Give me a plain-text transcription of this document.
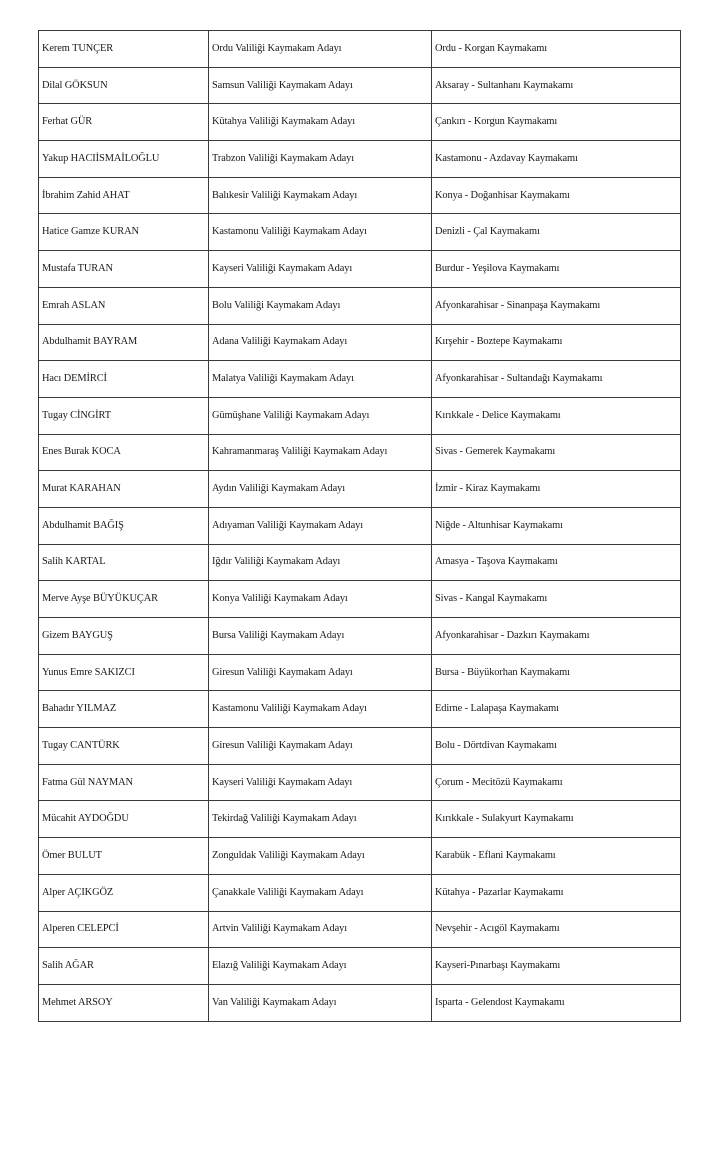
Kerem TUNÇER	Ordu Valiliği Kaymakam Adayı	Ordu - Korgan Kaymakamı
Dilal GÖKSUN	Samsun Valiliği Kaymakam Adayı	Aksaray - Sultanhanı Kaymakamı
Ferhat GÜR	Kütahya Valiliği Kaymakam Adayı	Çankırı - Korgun Kaymakamı
Yakup HACIİSMAİLOĞLU	Trabzon Valiliği Kaymakam Adayı	Kastamonu - Azdavay Kaymakamı
İbrahim Zahid AHAT	Balıkesir Valiliği Kaymakam Adayı	Konya - Doğanhisar Kaymakamı
Hatice Gamze KURAN	Kastamonu Valiliği Kaymakam Adayı	Denizli - Çal Kaymakamı
Mustafa TURAN	Kayseri Valiliği Kaymakam Adayı	Burdur - Yeşilova Kaymakamı
Emrah ASLAN	Bolu Valiliği Kaymakam Adayı	Afyonkarahisar - Sinanpaşa Kaymakamı
Abdulhamit BAYRAM	Adana Valiliği Kaymakam Adayı	Kırşehir - Boztepe Kaymakamı
Hacı DEMİRCİ	Malatya Valiliği Kaymakam Adayı	Afyonkarahisar - Sultandağı Kaymakamı
Tugay CİNGİRT	Gümüşhane Valiliği Kaymakam Adayı	Kırıkkale - Delice Kaymakamı
Enes Burak KOCA	Kahramanmaraş Valiliği Kaymakam Adayı	Sivas - Gemerek Kaymakamı
Murat KARAHAN	Aydın Valiliği Kaymakam Adayı	İzmir - Kiraz Kaymakamı
Abdulhamit BAĞIŞ	Adıyaman Valiliği Kaymakam Adayı	Niğde - Altunhisar Kaymakamı
Salih KARTAL	Iğdır Valiliği Kaymakam Adayı	Amasya - Taşova Kaymakamı
Merve Ayşe BÜYÜKUÇAR	Konya Valiliği Kaymakam Adayı	Sivas - Kangal Kaymakamı
Gizem BAYGUŞ	Bursa Valiliği Kaymakam Adayı	Afyonkarahisar - Dazkırı Kaymakamı
Yunus Emre SAKIZCI	Giresun Valiliği Kaymakam Adayı	Bursa - Büyükorhan Kaymakamı
Bahadır YILMAZ	Kastamonu Valiliği Kaymakam Adayı	Edirne - Lalapaşa Kaymakamı
Tugay CANTÜRK	Giresun Valiliği Kaymakam Adayı	Bolu - Dörtdivan Kaymakamı
Fatma Gül NAYMAN	Kayseri Valiliği Kaymakam Adayı	Çorum - Mecitözü Kaymakamı
Mücahit AYDOĞDU	Tekirdağ Valiliği Kaymakam Adayı	Kırıkkale - Sulakyurt Kaymakamı
Ömer BULUT	Zonguldak Valiliği Kaymakam Adayı	Karabük - Eflani Kaymakamı
Alper AÇIKGÖZ	Çanakkale Valiliği Kaymakam Adayı	Kütahya - Pazarlar Kaymakamı
Alperen CELEPCİ	Artvin Valiliği Kaymakam Adayı	Nevşehir - Acıgöl Kaymakamı
Salih AĞAR	Elazığ Valiliği Kaymakam Adayı	Kayseri-Pınarbaşı Kaymakamı
Mehmet ARSOY	Van Valiliği Kaymakam Adayı	Isparta - Gelendost Kaymakamı
